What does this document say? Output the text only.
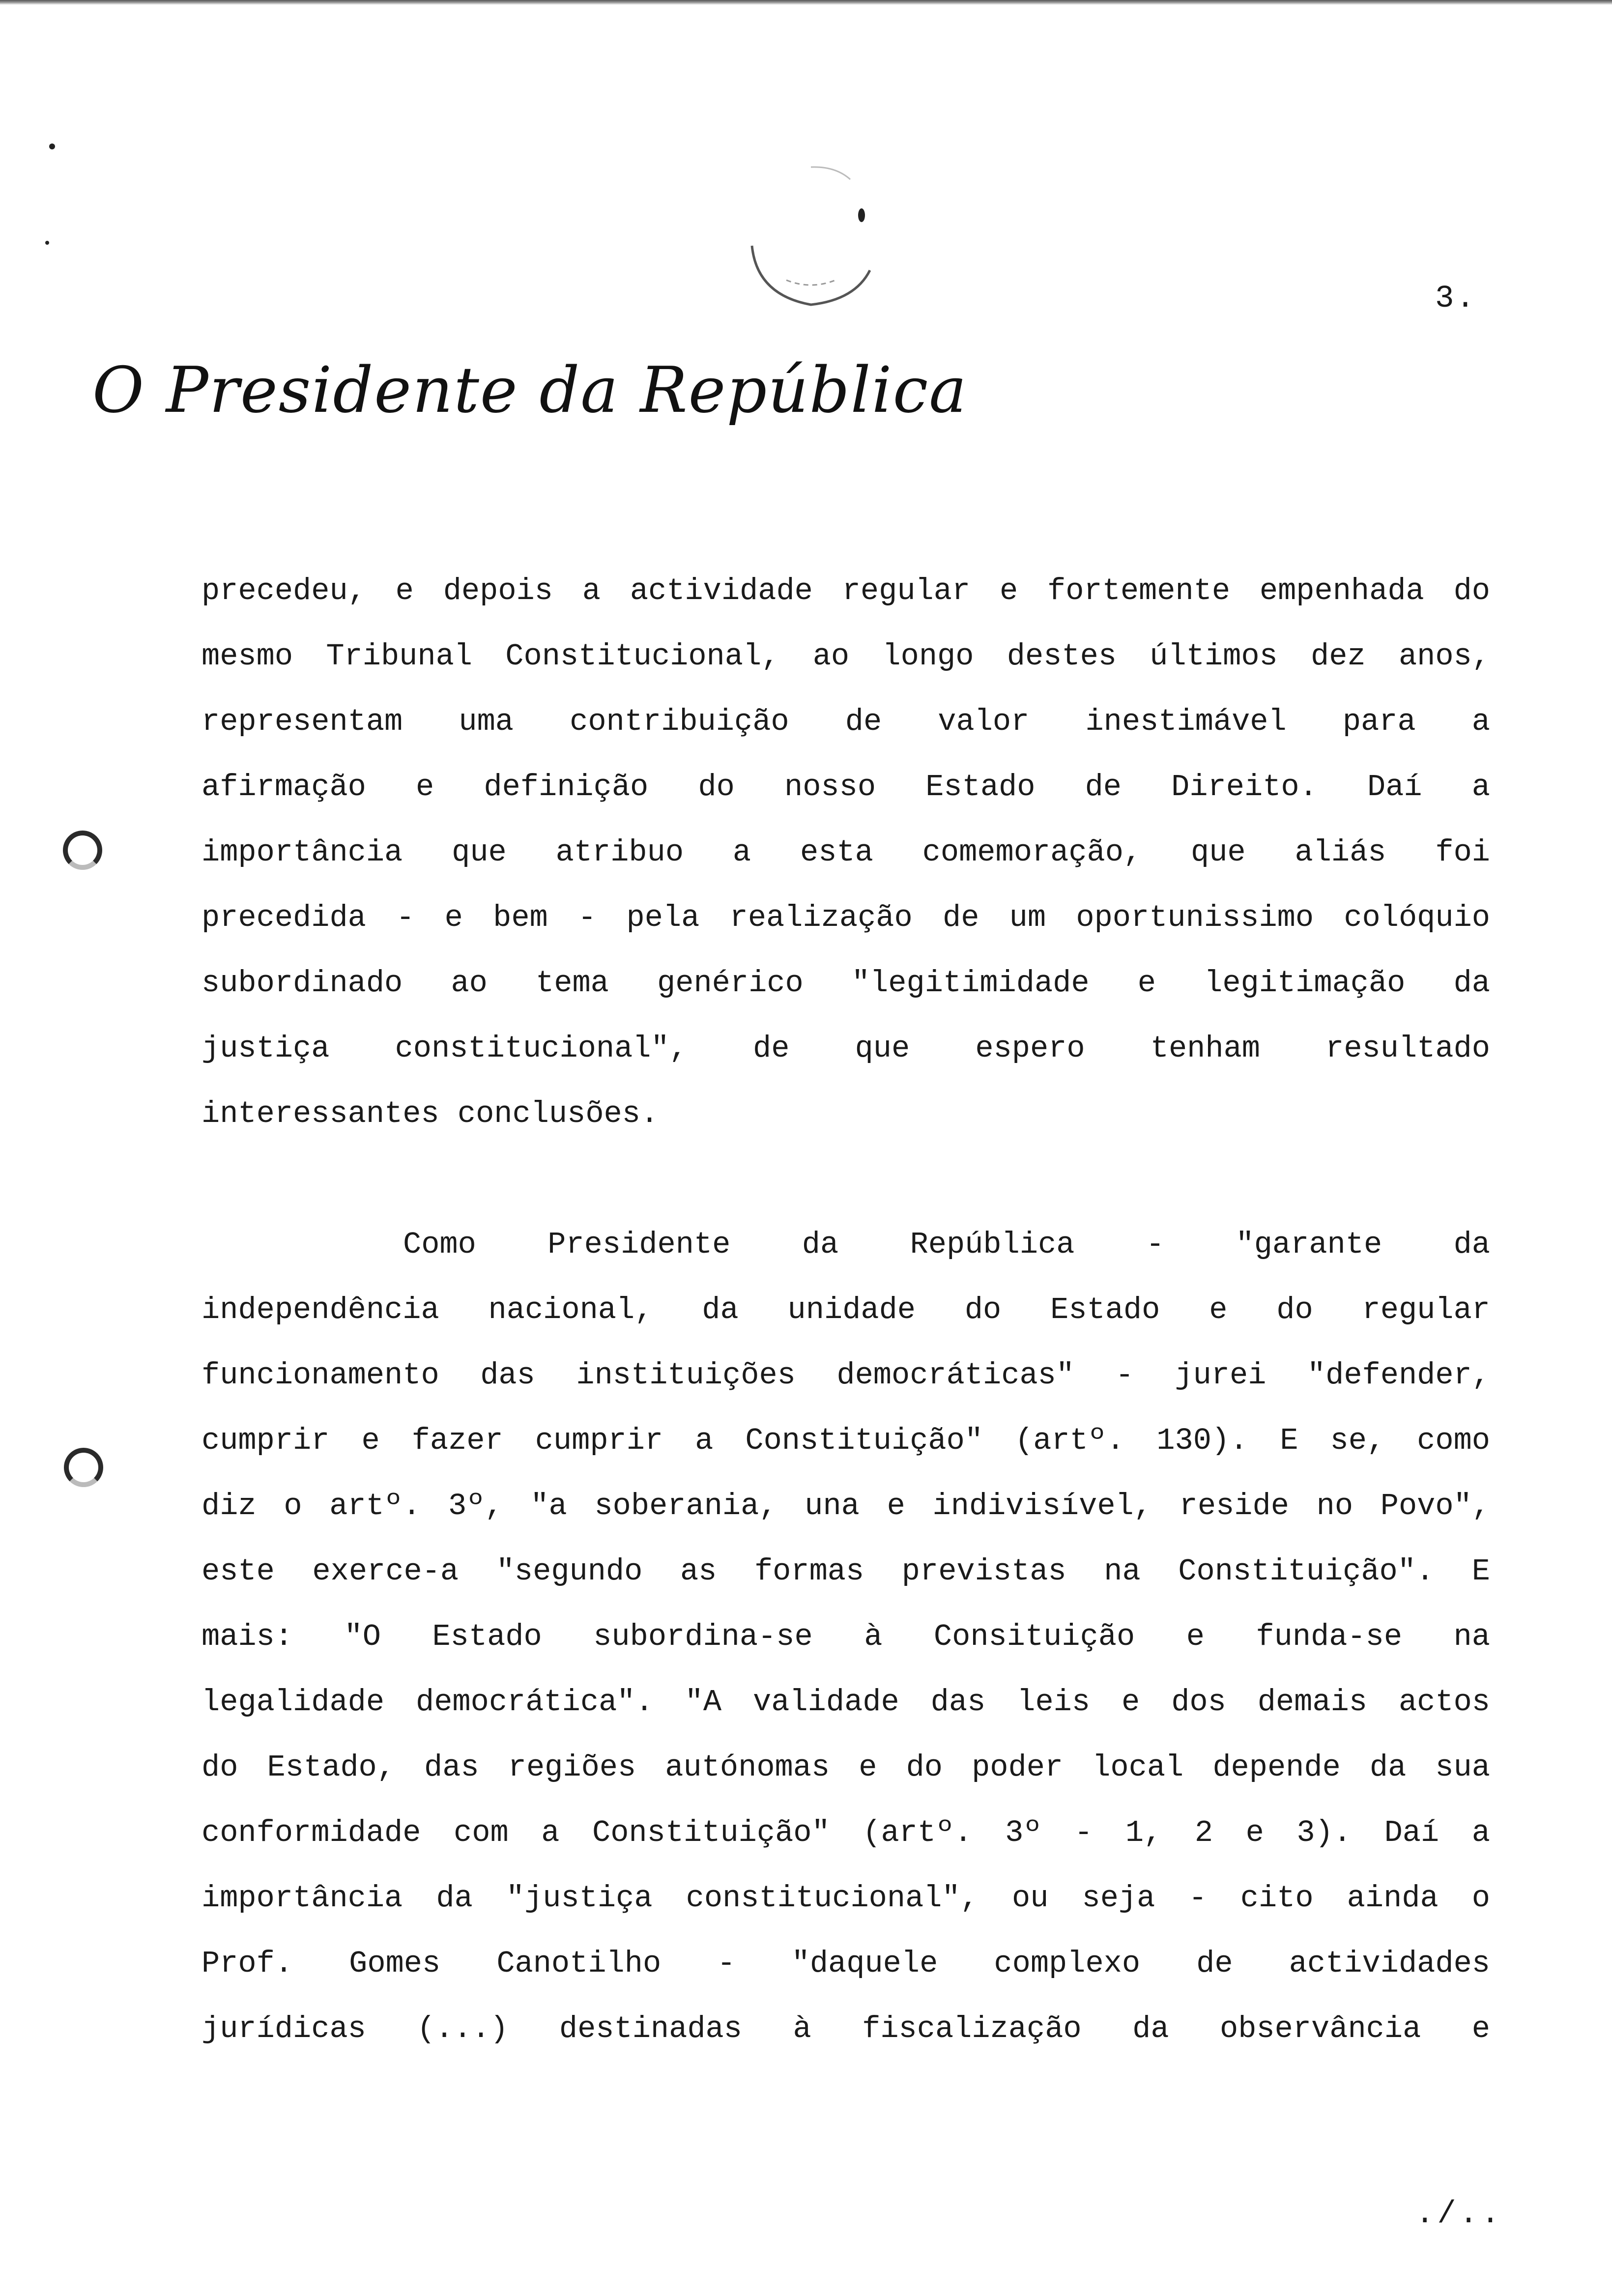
3.
O Presidente da República
precedeu, e depois a actividade regular e fortemente empenhada do
mesmo Tribunal Constitucional, ao longo destes últimos dez anos,
representam uma contribuição de valor inestimável para a
afirmação e definição do nosso Estado de Direito. Daí a
importância que atribuo a esta comemoração, que aliás foi
precedida - e bem - pela realização de um oportunissimo colóquio
subordinado ao tema genérico "legitimidade e legitimação da
justiça constitucional", de que espero tenham resultado
interessantes conclusões.
Como Presidente da República - "garante da
independência nacional, da unidade do Estado e do regular
funcionamento das instituições democráticas" - jurei "defender,
cumprir e fazer cumprir a Constituição" (artº. 130). E se, como
diz o artº. 3º, "a soberania, una e indivisível, reside no Povo",
este exerce-a "segundo as formas previstas na Constituição". E
mais: "O Estado subordina-se à Consituição e funda-se na
legalidade democrática". "A validade das leis e dos demais actos
do Estado, das regiões autónomas e do poder local depende da sua
conformidade com a Constituição" (artº. 3º - 1, 2 e 3). Daí a
importância da "justiça constitucional", ou seja - cito ainda o
Prof. Gomes Canotilho - "daquele complexo de actividades
jurídicas (...) destinadas à fiscalização da observância e
./..
